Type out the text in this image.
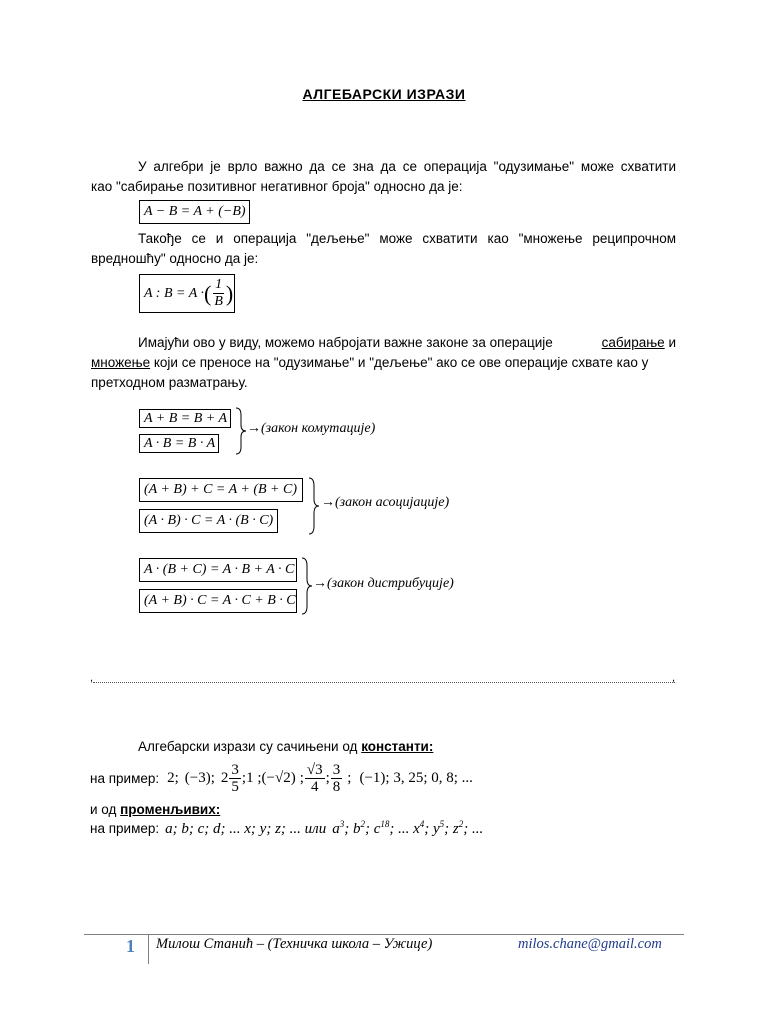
АЛГЕБАРСКИ ИЗРАЗИ
У алгебри је врло важно да се зна да се операција "одузимање" може схватити
као "сабирање позитивног негативног броја" односно да је:
A − B = A + (−B)
Такође се и операција "дељење" може схватити као "множење реципрочном
вредношћу" односно да је:
A : B = A · ( $\frac{1}{B}$ )
Имајући ово у виду, можемо набројати важне законе за операције	сабирање и
множење који се преносе на "одузимање" и "дељење" ако се ове операције схвате као у
претходном разматрању.
A + B = B + A
A · B = B · A
→(закон комутације)
(A + B) + C = A + (B + C)
(A · B) · C = A · (B · C)
→(закон асоцијације)
A · (B + C) = A · B + A · C
(A + B) · C = A · C + B · C
→(закон дистрибуције)
,	,
Алгебарски изрази су сачињени од константи:
на пример: 2; (−3); $2 \frac{3}{5}$ ;1 ; (−√2) ; $\frac{√3}{4}$ ; $\frac{3}{8}$ ; (−1); 3, 25; 0, 8; ...
и од променљивих:
на пример: a; b; c; d; ... x; y; z; ... или $a^3$ ; $b^2$ ; $c^{18}$ ; ... $x^4$ ; $y^5$ ; $z^2$ ; ...
1 Милош Станић – (Техничка школа – Ужице)	milos.chane@gmail.com
